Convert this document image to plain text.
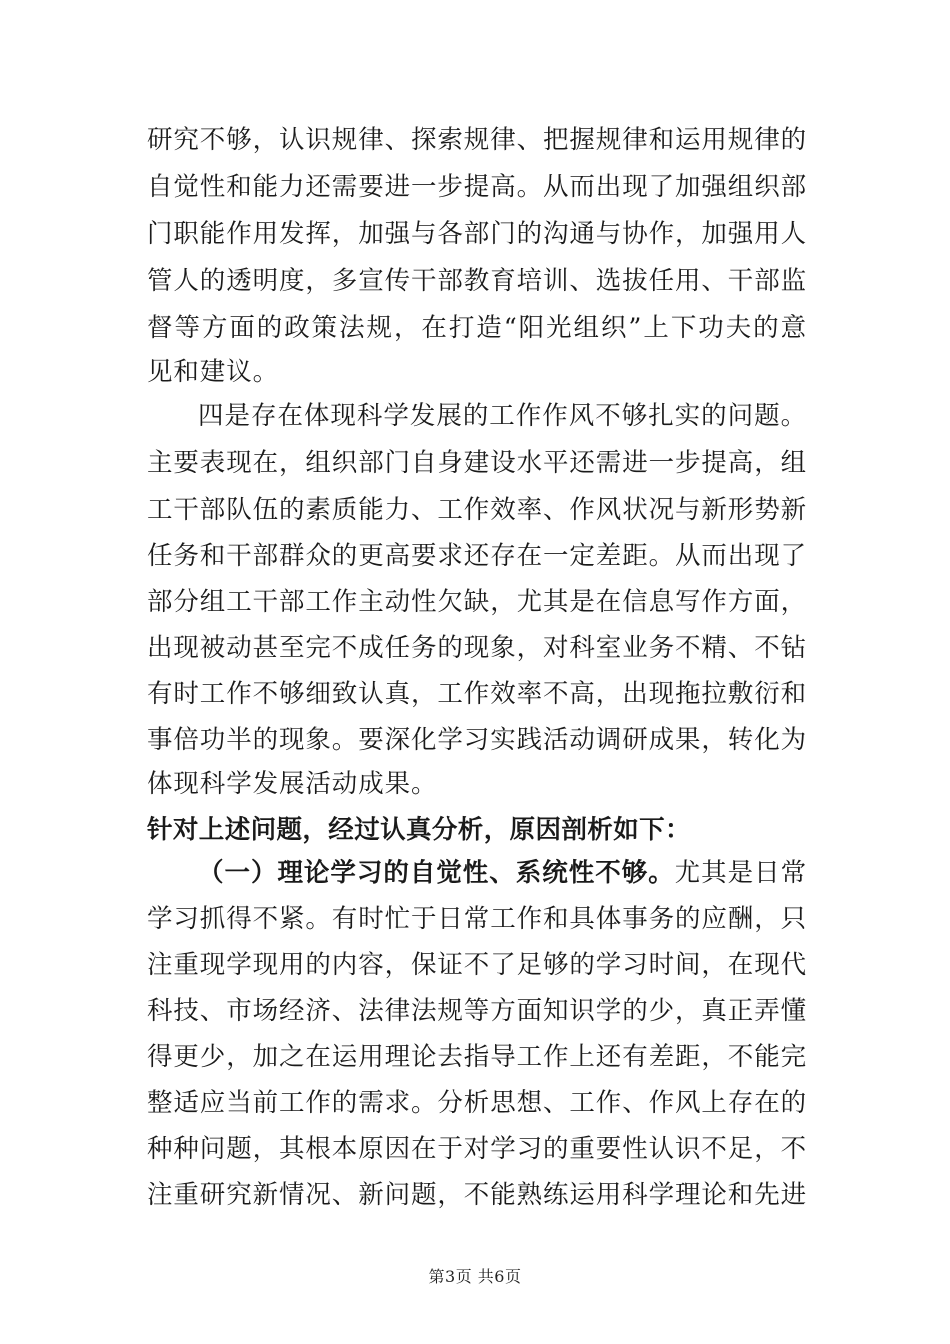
研究不够，认识规律、探索规律、把握规律和运用规律的
自觉性和能力还需要进一步提高。从而出现了加强组织部
门职能作用发挥，加强与各部门的沟通与协作，加强用人
管人的透明度，多宣传干部教育培训、选拔任用、干部监
督等方面的政策法规，在打造“阳光组织”上下功夫的意
见和建议。
四是存在体现科学发展的工作作风不够扎实的问题。
主要表现在，组织部门自身建设水平还需进一步提高，组
工干部队伍的素质能力、工作效率、作风状况与新形势新
任务和干部群众的更高要求还存在一定差距。从而出现了
部分组工干部工作主动性欠缺，尤其是在信息写作方面，
出现被动甚至完不成任务的现象，对科室业务不精、不钻
有时工作不够细致认真，工作效率不高，出现拖拉敷衍和
事倍功半的现象。要深化学习实践活动调研成果，转化为
体现科学发展活动成果。
针对上述问题，经过认真分析，原因剖析如下：
（一）理论学习的自觉性、系统性不够。尤其是日常
学习抓得不紧。有时忙于日常工作和具体事务的应酬，只
注重现学现用的内容，保证不了足够的学习时间，在现代
科技、市场经济、法律法规等方面知识学的少，真正弄懂
得更少，加之在运用理论去指导工作上还有差距，不能完
整适应当前工作的需求。分析思想、工作、作风上存在的
种种问题，其根本原因在于对学习的重要性认识不足，不
注重研究新情况、新问题，不能熟练运用科学理论和先进
第3页 共6页
